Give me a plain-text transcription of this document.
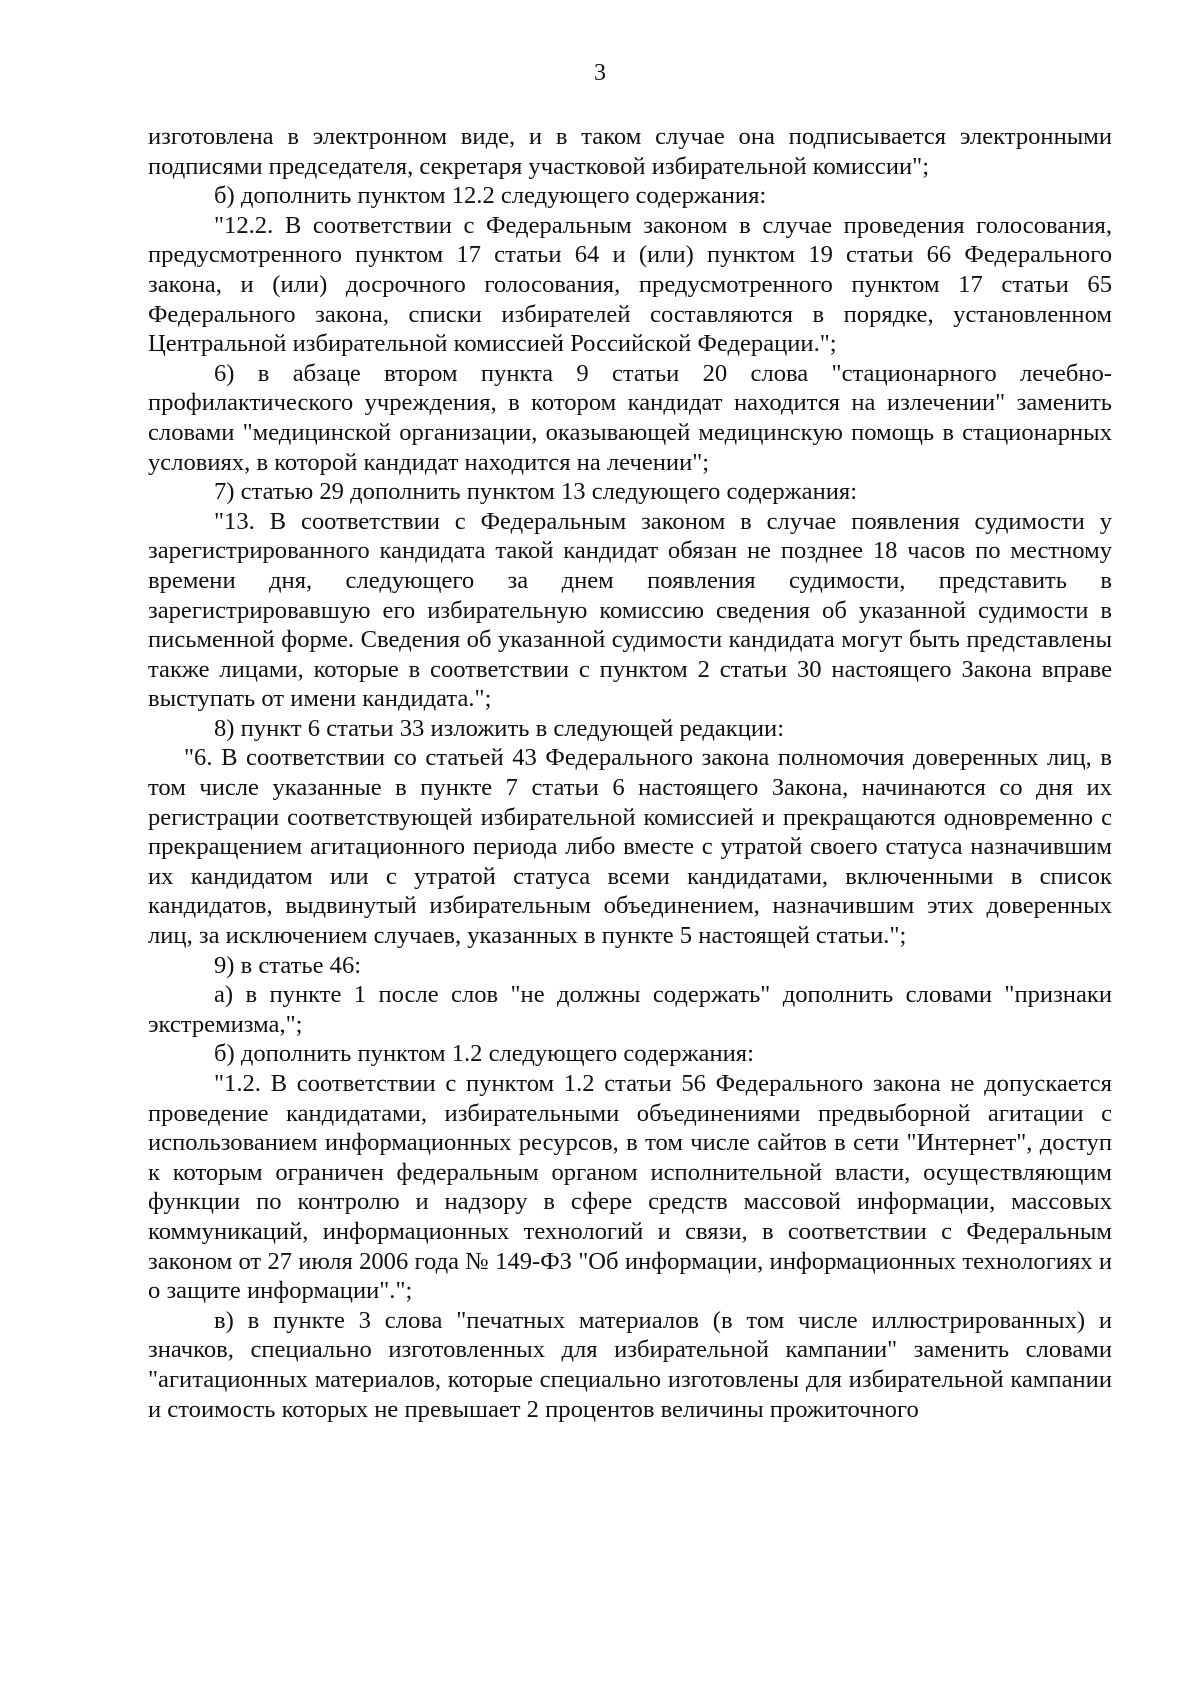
3

изготовлена в электронном виде, и в таком случае она подписывается электронными подписями председателя, секретаря участковой избирательной комиссии";

б) дополнить пунктом 12.2 следующего содержания:

"12.2. В соответствии с Федеральным законом в случае проведения голосования, предусмотренного пунктом 17 статьи 64 и (или) пунктом 19 статьи 66 Федерального закона, и (или) досрочного голосования, предусмотренного пунктом 17 статьи 65 Федерального закона, списки избирателей составляются в порядке, установленном Центральной избирательной комиссией Российской Федерации.";

6) в абзаце втором пункта 9 статьи 20 слова "стационарного лечебно-профилактического учреждения, в котором кандидат находится на излечении" заменить словами "медицинской организации, оказывающей медицинскую помощь в стационарных условиях, в которой кандидат находится на лечении";

7) статью 29 дополнить пунктом 13 следующего содержания:

"13. В соответствии с Федеральным законом в случае появления судимости у зарегистрированного кандидата такой кандидат обязан не позднее 18 часов по местному времени дня, следующего за днем появления судимости, представить в зарегистрировавшую его избирательную комиссию сведения об указанной судимости в письменной форме. Сведения об указанной судимости кандидата могут быть представлены также лицами, которые в соответствии с пунктом 2 статьи 30 настоящего Закона вправе выступать от имени кандидата.";

8) пункт 6 статьи 33 изложить в следующей редакции:

"6. В соответствии со статьей 43 Федерального закона полномочия доверенных лиц, в том числе указанные в пункте 7 статьи 6 настоящего Закона, начинаются со дня их регистрации соответствующей избирательной комиссией и прекращаются одновременно с прекращением агитационного периода либо вместе с утратой своего статуса назначившим их кандидатом или с утратой статуса всеми кандидатами, включенными в список кандидатов, выдвинутый избирательным объединением, назначившим этих доверенных лиц, за исключением случаев, указанных в пункте 5 настоящей статьи.";

9) в статье 46:

а) в пункте 1 после слов "не должны содержать" дополнить словами "признаки экстремизма,";

б) дополнить пунктом 1.2 следующего содержания:

"1.2. В соответствии с пунктом 1.2 статьи 56 Федерального закона не допускается проведение кандидатами, избирательными объединениями предвыборной агитации с использованием информационных ресурсов, в том числе сайтов в сети "Интернет", доступ к которым ограничен федеральным органом исполнительной власти, осуществляющим функции по контролю и надзору в сфере средств массовой информации, массовых коммуникаций, информационных технологий и связи, в соответствии с Федеральным законом от 27 июля 2006 года № 149-ФЗ "Об информации, информационных технологиях и о защите информации".";

в) в пункте 3 слова "печатных материалов (в том числе иллюстрированных) и значков, специально изготовленных для избирательной кампании" заменить словами "агитационных материалов, которые специально изготовлены для избирательной кампании и стоимость которых не превышает 2 процентов величины прожиточного
